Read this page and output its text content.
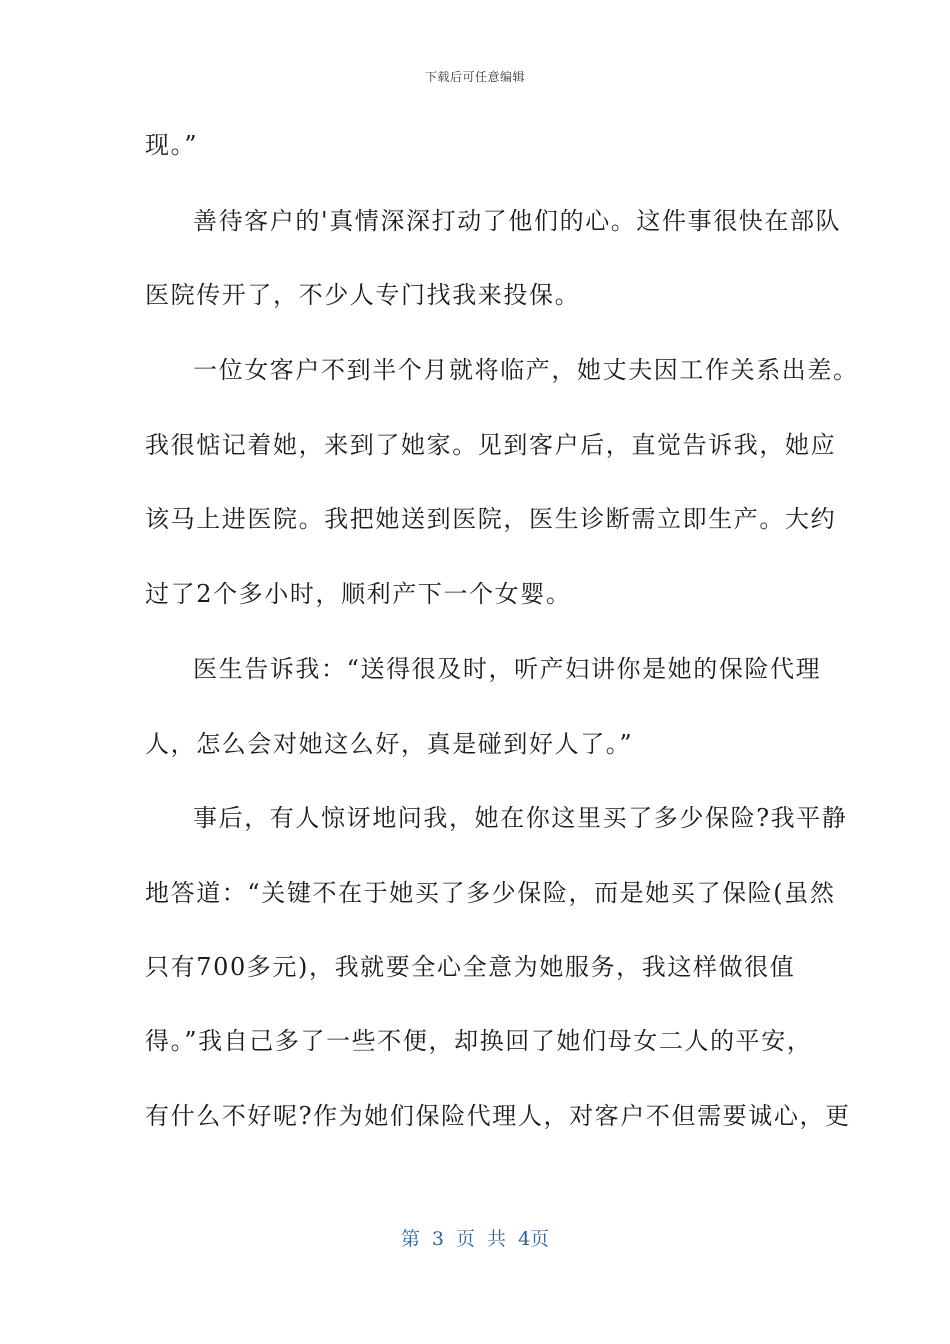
下载后可任意编辑
现。”
善待客户的'真情深深打动了他们的心。这件事很快在部队
医院传开了，不少人专门找我来投保。
一位女客户不到半个月就将临产，她丈夫因工作关系出差。
我很惦记着她，来到了她家。见到客户后，直觉告诉我，她应
该马上进医院。我把她送到医院，医生诊断需立即生产。大约
过了2个多小时，顺利产下一个女婴。
医生告诉我：“送得很及时，听产妇讲你是她的保险代理
人，怎么会对她这么好，真是碰到好人了。”
事后，有人惊讶地问我，她在你这里买了多少保险?我平静
地答道：“关键不在于她买了多少保险，而是她买了保险(虽然
只有700多元)，我就要全心全意为她服务，我这样做很值
得。”我自己多了一些不便，却换回了她们母女二人的平安，
有什么不好呢?作为她们保险代理人，对客户不但需要诚心，更
第 3 页 共 4页
